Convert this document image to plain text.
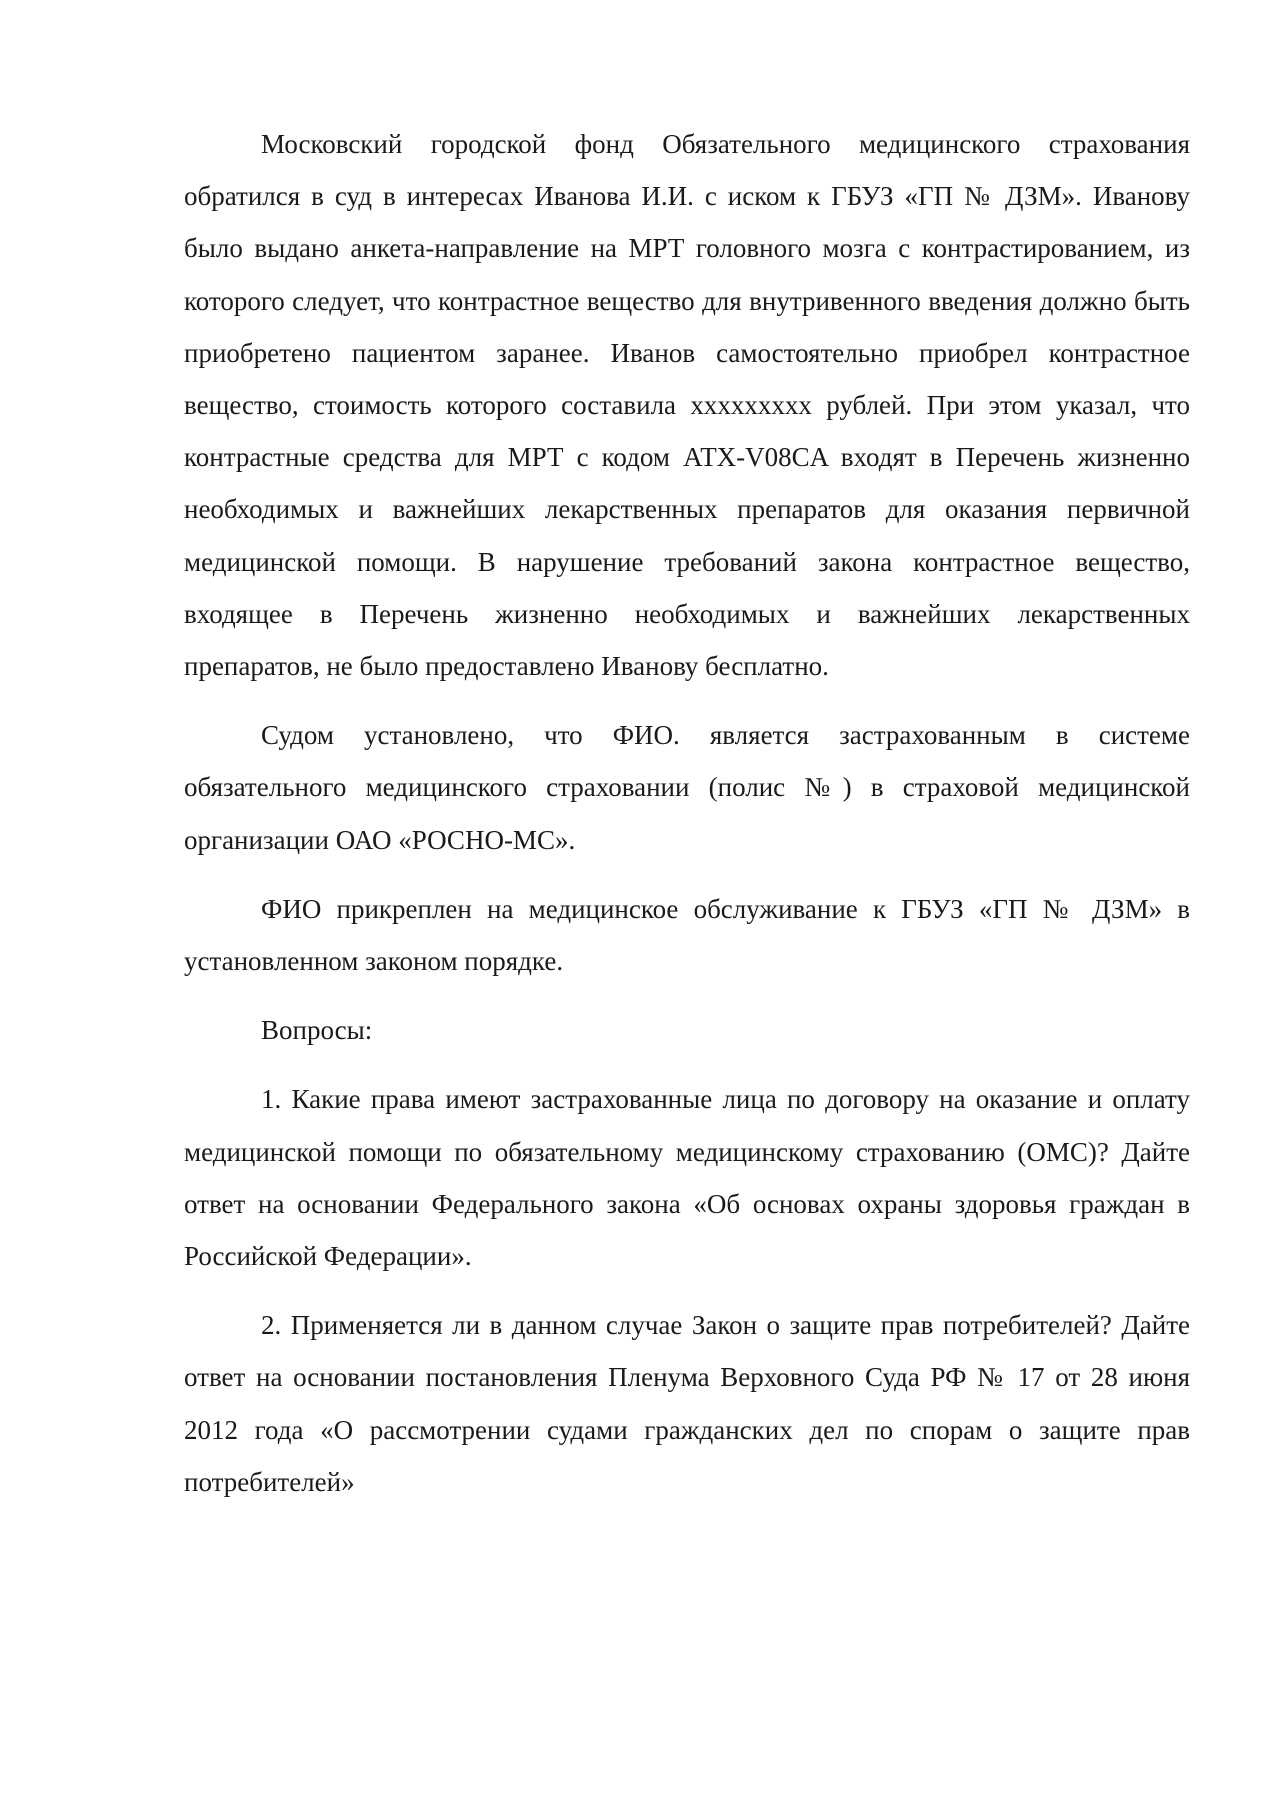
Московский городской фонд Обязательного медицинского страхования обратился в суд в интересах Иванова И.И. с иском к ГБУЗ «ГП № ДЗМ». Иванову было выдано анкета-направление на МРТ головного мозга с контрастированием, из которого следует, что контрастное вещество для внутривенного введения должно быть приобретено пациентом заранее. Иванов самостоятельно приобрел контрастное вещество, стоимость которого составила xxxxxxxxx рублей. При этом указал, что контрастные средства для МРТ с кодом АТХ-V08CA входят в Перечень жизненно необходимых и важнейших лекарственных препаратов для оказания первичной медицинской помощи. В нарушение требований закона контрастное вещество, входящее в Перечень жизненно необходимых и важнейших лекарственных препаратов, не было предоставлено Иванову бесплатно.

Судом установлено, что ФИО. является застрахованным в системе обязательного медицинского страховании (полис №) в страховой медицинской организации ОАО «РОСНО-МС».

ФИО прикреплен на медицинское обслуживание к ГБУЗ «ГП № ДЗМ» в установленном законом порядке.

Вопросы:

1. Какие права имеют застрахованные лица по договору на оказание и оплату медицинской помощи по обязательному медицинскому страхованию (ОМС)? Дайте ответ на основании Федерального закона «Об основах охраны здоровья граждан в Российской Федерации».

2. Применяется ли в данном случае Закон о защите прав потребителей? Дайте ответ на основании постановления Пленума Верховного Суда РФ № 17 от 28 июня 2012 года «О рассмотрении судами гражданских дел по спорам о защите прав потребителей»
